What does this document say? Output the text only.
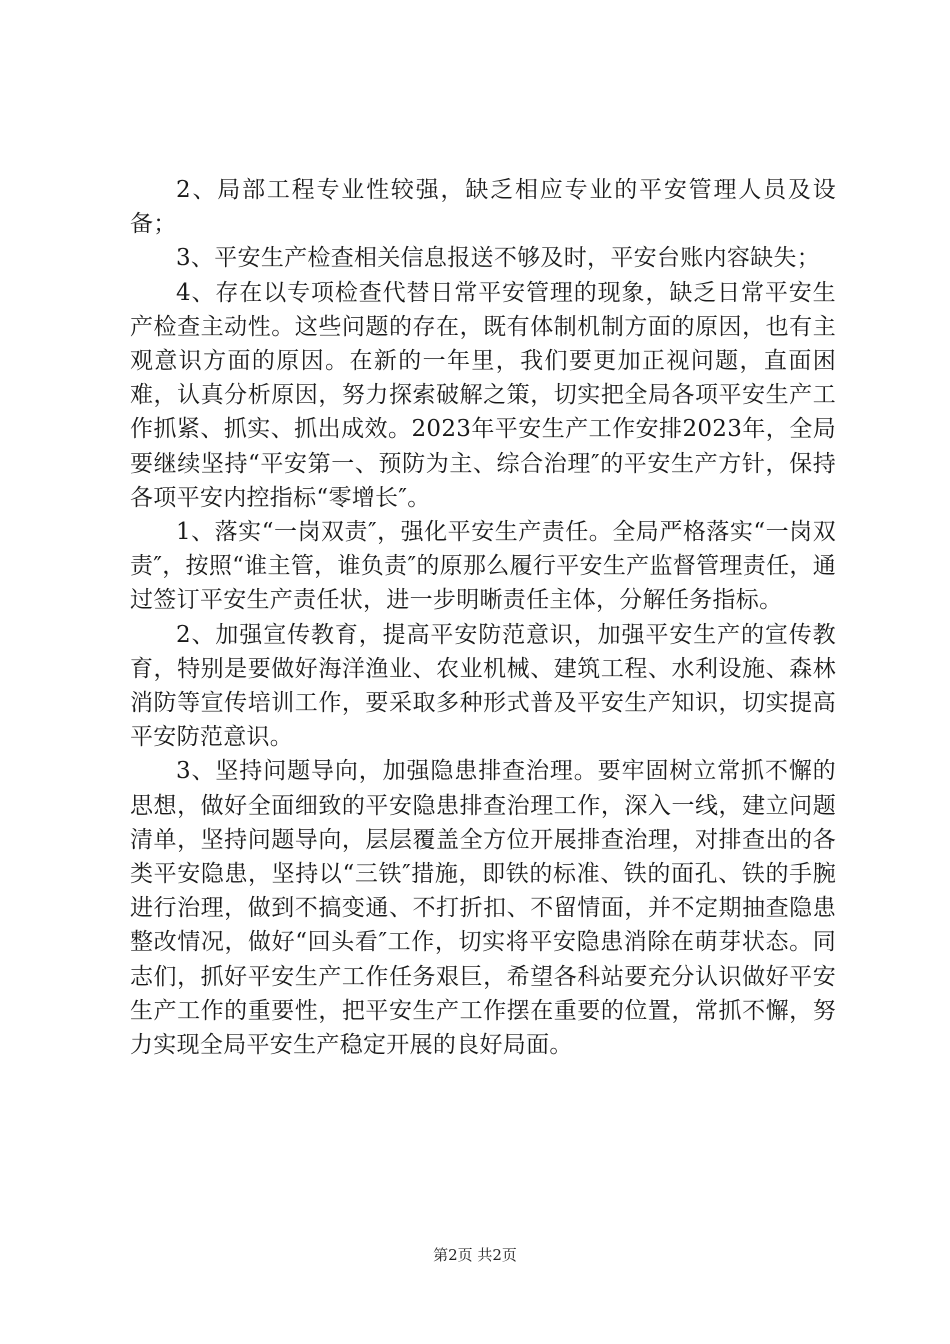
2、局部工程专业性较强，缺乏相应专业的平安管理人员及设备；

3、平安生产检查相关信息报送不够及时，平安台账内容缺失；

4、存在以专项检查代替日常平安管理的现象，缺乏日常平安生产检查主动性。这些问题的存在，既有体制机制方面的原因，也有主观意识方面的原因。在新的一年里，我们要更加正视问题，直面困难，认真分析原因，努力探索破解之策，切实把全局各项平安生产工作抓紧、抓实、抓出成效。2023年平安生产工作安排2023年，全局要继续坚持“平安第一、预防为主、综合治理″的平安生产方针，保持各项平安内控指标“零增长″。

1、落实“一岗双责″，强化平安生产责任。全局严格落实“一岗双责″，按照“谁主管，谁负责″的原那么履行平安生产监督管理责任，通过签订平安生产责任状，进一步明晰责任主体，分解任务指标。

2、加强宣传教育，提高平安防范意识，加强平安生产的宣传教育，特别是要做好海洋渔业、农业机械、建筑工程、水利设施、森林消防等宣传培训工作，要采取多种形式普及平安生产知识，切实提高平安防范意识。

3、坚持问题导向，加强隐患排查治理。要牢固树立常抓不懈的思想，做好全面细致的平安隐患排查治理工作，深入一线，建立问题清单，坚持问题导向，层层覆盖全方位开展排查治理，对排查出的各类平安隐患，坚持以“三铁″措施，即铁的标准、铁的面孔、铁的手腕进行治理，做到不搞变通、不打折扣、不留情面，并不定期抽查隐患整改情况，做好“回头看″工作，切实将平安隐患消除在萌芽状态。同志们，抓好平安生产工作任务艰巨，希望各科站要充分认识做好平安生产工作的重要性，把平安生产工作摆在重要的位置，常抓不懈，努力实现全局平安生产稳定开展的良好局面。

第2页 共2页
